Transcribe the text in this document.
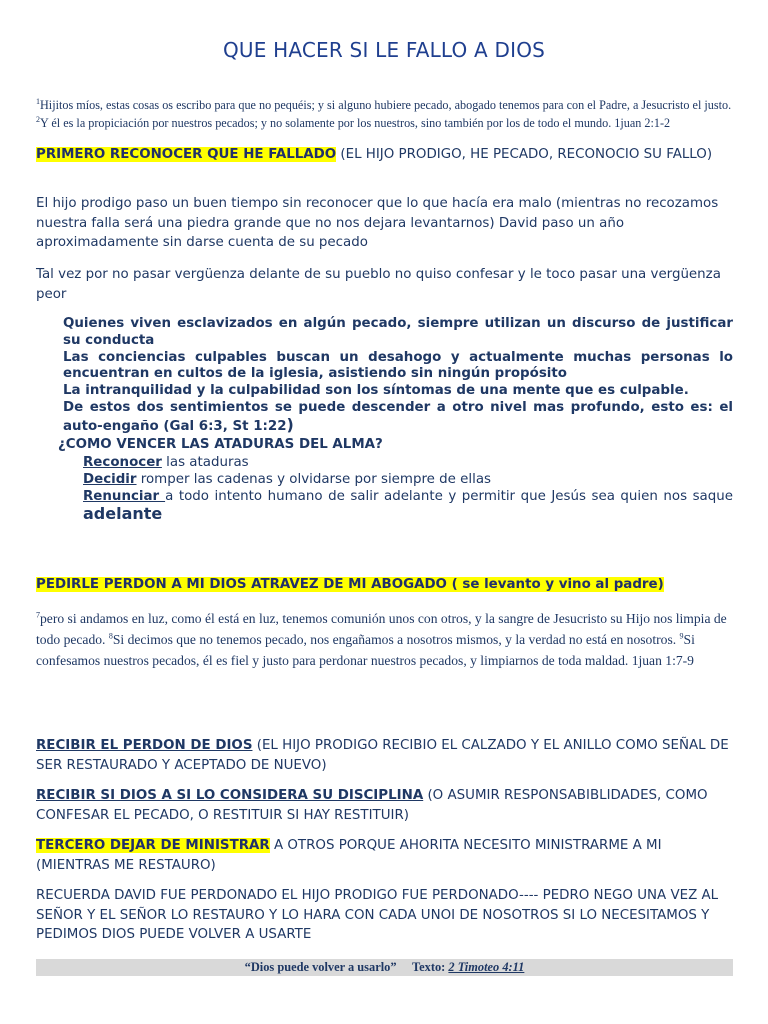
QUE HACER SI LE FALLO A DIOS
$^1$Hijitos míos, estas cosas os escribo para que no pequéis; y si alguno hubiere pecado, abogado tenemos para con el Padre, a Jesucristo el justo. $^2$Y él es la propiciación por nuestros pecados; y no solamente por los nuestros, sino también por los de todo el mundo. 1juan 2:1-2
PRIMERO RECONOCER QUE HE FALLADO (EL HIJO PRODIGO, HE PECADO, RECONOCIO SU FALLO)
El hijo prodigo paso un buen tiempo sin reconocer que lo que hacía era malo (mientras no recozamos nuestra falla será una piedra grande que no nos dejara levantarnos) David paso un año aproximadamente sin darse cuenta de su pecado
Tal vez por no pasar vergüenza delante de su pueblo no quiso confesar y le toco pasar una vergüenza peor
Quienes viven esclavizados en algún pecado, siempre utilizan un discurso de justificar su conducta
Las conciencias culpables buscan un desahogo y actualmente muchas personas lo encuentran en cultos de la iglesia, asistiendo sin ningún propósito
La intranquilidad y la culpabilidad son los síntomas de una mente que es culpable.
De estos dos sentimientos se puede descender a otro nivel mas profundo, esto es: el auto-engaño (Gal 6:3, St 1:22)
¿COMO VENCER LAS ATADURAS DEL ALMA?
Reconocer las ataduras
Decidir romper las cadenas y olvidarse por siempre de ellas
Renunciar a todo intento humano de salir adelante y permitir que Jesús sea quien nos saque adelante
PEDIRLE PERDON A MI DIOS ATRAVEZ DE MI ABOGADO ( se levanto y vino al padre)
$^7$pero si andamos en luz, como él está en luz, tenemos comunión unos con otros, y la sangre de Jesucristo su Hijo nos limpia de todo pecado. $^8$Si decimos que no tenemos pecado, nos engañamos a nosotros mismos, y la verdad no está en nosotros. $^9$Si confesamos nuestros pecados, él es fiel y justo para perdonar nuestros pecados, y limpiarnos de toda maldad. 1juan 1:7-9
RECIBIR EL PERDON DE DIOS (EL HIJO PRODIGO RECIBIO EL CALZADO Y EL ANILLO COMO SEÑAL DE SER RESTAURADO Y ACEPTADO DE NUEVO)
RECIBIR SI DIOS A SI LO CONSIDERA SU DISCIPLINA (O ASUMIR RESPONSABIBLIDADES, COMO CONFESAR EL PECADO, O RESTITUIR SI HAY RESTITUIR)
TERCERO DEJAR DE MINISTRAR A OTROS PORQUE AHORITA NECESITO MINISTRARME A MI (MIENTRAS ME RESTAURO)
RECUERDA DAVID FUE PERDONADO EL HIJO PRODIGO FUE PERDONADO---- PEDRO NEGO UNA VEZ AL SEÑOR Y EL SEÑOR LO RESTAURO Y LO HARA CON CADA UNOI DE NOSOTROS SI LO NECESITAMOS Y PEDIMOS DIOS PUEDE VOLVER A USARTE
“Dios puede volver a usarlo” Texto: 2 Timoteo 4:11
